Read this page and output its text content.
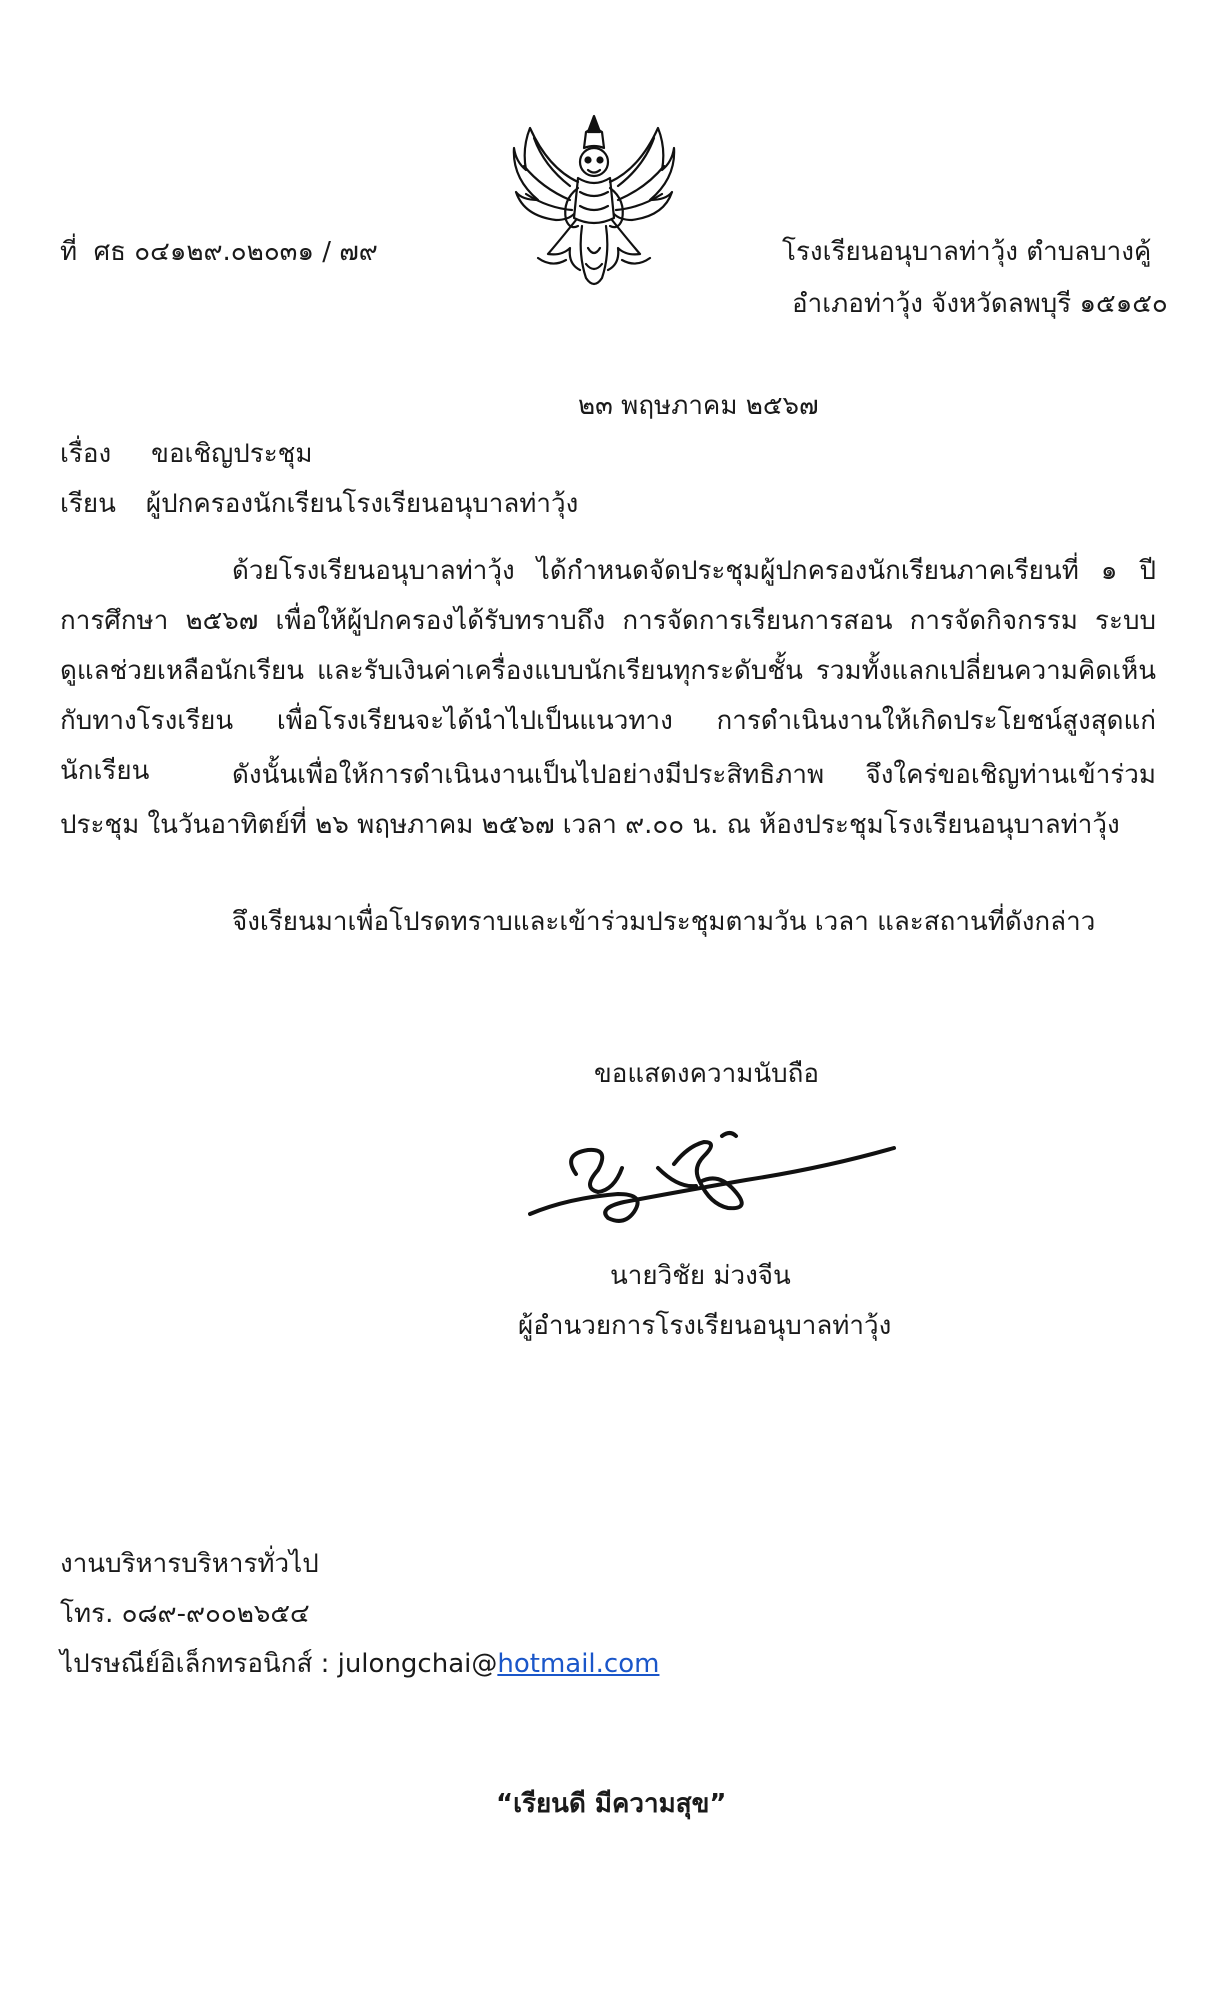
ที่ ศธ ๐๔๑๒๙.๐๒๐๓๑ / ๗๙	โรงเรียนอนุบาลท่าวุ้ง ตำบลบางคู้
อำเภอท่าวุ้ง จังหวัดลพบุรี ๑๕๑๕๐
๒๓ พฤษภาคม ๒๕๖๗
เรื่อง ขอเชิญประชุม
เรียน ผู้ปกครองนักเรียนโรงเรียนอนุบาลท่าวุ้ง
ด้วยโรงเรียนอนุบาลท่าวุ้ง ได้กำหนดจัดประชุมผู้ปกครองนักเรียนภาคเรียนที่ ๑ ปีการศึกษา ๒๕๖๗ เพื่อให้ผู้ปกครองได้รับทราบถึง การจัดการเรียนการสอน การจัดกิจกรรม ระบบดูแลช่วยเหลือนักเรียน และรับเงินค่าเครื่องแบบนักเรียนทุกระดับชั้น รวมทั้งแลกเปลี่ยนความคิดเห็นกับทางโรงเรียน เพื่อโรงเรียนจะได้นำไปเป็นแนวทาง การดำเนินงานให้เกิดประโยชน์สูงสุดแก่นักเรียน	ดังนั้นเพื่อให้การดำเนินงานเป็นไปอย่างมีประสิทธิภาพ จึงใคร่ขอเชิญท่านเข้าร่วมประชุม ในวันอาทิตย์ที่ ๒๖ พฤษภาคม ๒๕๖๗ เวลา ๙.๐๐ น. ณ ห้องประชุมโรงเรียนอนุบาลท่าวุ้ง
จึงเรียนมาเพื่อโปรดทราบและเข้าร่วมประชุมตามวัน เวลา และสถานที่ดังกล่าว
ขอแสดงความนับถือ
นายวิชัย ม่วงจีน
ผู้อำนวยการโรงเรียนอนุบาลท่าวุ้ง
งานบริหารบริหารทั่วไป
โทร. ๐๘๙-๙๐๐๒๖๕๔
ไปรษณีย์อิเล็กทรอนิกส์ : julongchai@hotmail.com
“เรียนดี มีความสุข”
